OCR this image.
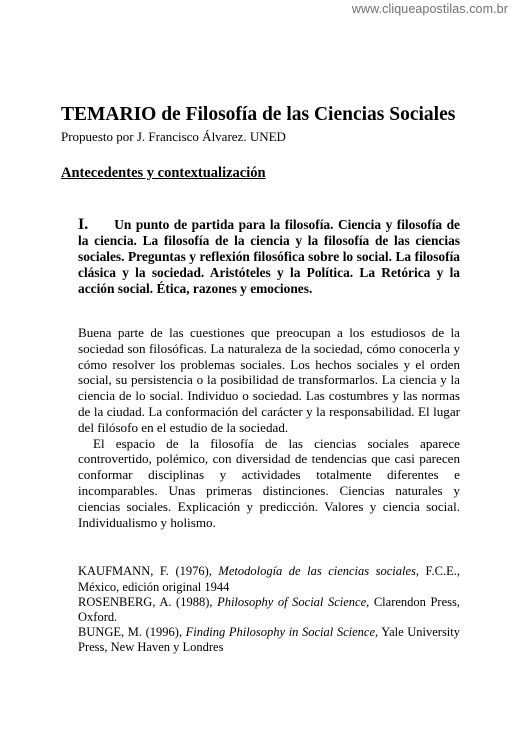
www.cliqueapostilas.com.br
TEMARIO de Filosofía de las Ciencias Sociales

Propuesto por J. Francisco Álvarez. UNED

Antecedentes y contextualización
I. Un punto de partida para la filosofía. Ciencia y filosofía de la ciencia. La filosofía de la ciencia y la filosofía de las ciencias sociales. Preguntas y reflexión filosófica sobre lo social. La filosofía clásica y la sociedad. Aristóteles y la Política. La Retórica y la acción social. Ética, razones y emociones.

Buena parte de las cuestiones que preocupan a los estudiosos de la sociedad son filosóficas. La naturaleza de la sociedad, cómo conocerla y cómo resolver los problemas sociales. Los hechos sociales y el orden social, su persistencia o la posibilidad de transformarlos. La ciencia y la ciencia de lo social. Individuo o sociedad. Las costumbres y las normas de la ciudad. La conformación del carácter y la responsabilidad. El lugar del filósofo en el estudio de la sociedad.

El espacio de la filosofía de las ciencias sociales aparece controvertido, polémico, con diversidad de tendencias que casi parecen conformar disciplinas y actividades totalmente diferentes e incomparables. Unas primeras distinciones. Ciencias naturales y ciencias sociales. Explicación y predicción. Valores y ciencia social. Individualismo y holismo.

KAUFMANN, F. (1976), Metodología de las ciencias sociales, F.C.E., México, edición original 1944

ROSENBERG, A. (1988), Philosophy of Social Science, Clarendon Press, Oxford.

BUNGE, M. (1996), Finding Philosophy in Social Science, Yale University Press, New Haven y Londres
